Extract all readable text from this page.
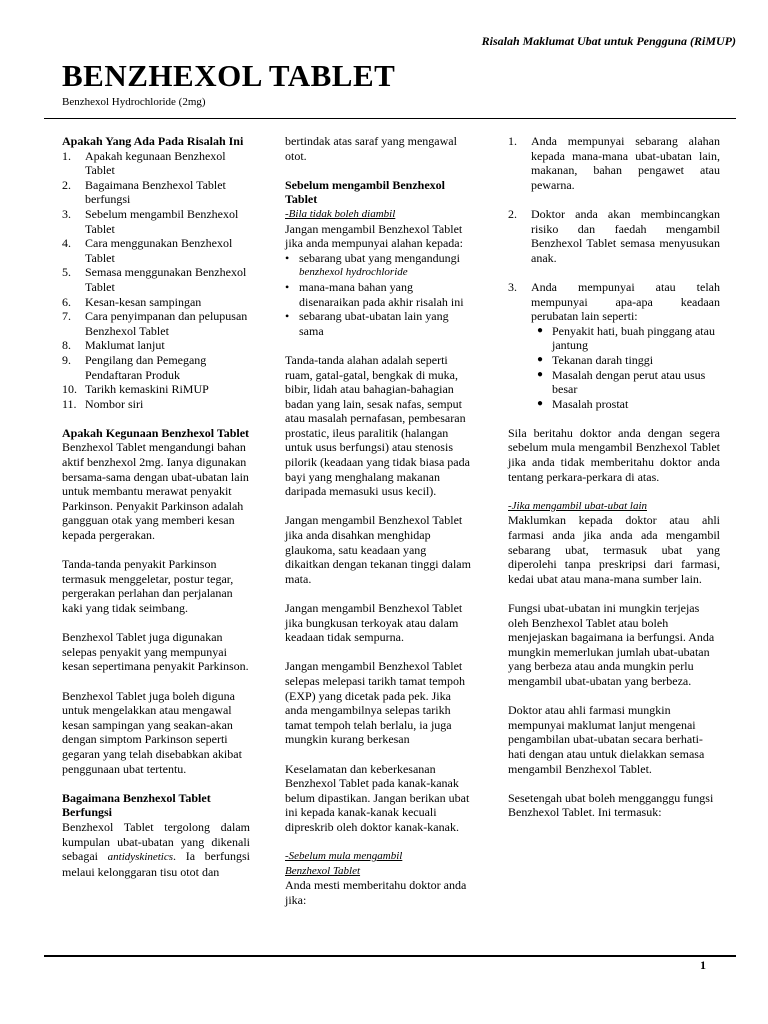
Risalah Maklumat Ubat untuk Pengguna (RiMUP)
BENZHEXOL TABLET
Benzhexol Hydrochloride (2mg)

Apakah Yang Ada Pada Risalah Ini

1.	Apakah kegunaan Benzhexol Tablet
2.	Bagaimana Benzhexol Tablet berfungsi
3.	Sebelum mengambil Benzhexol Tablet
4.	Cara menggunakan Benzhexol Tablet
5.	Semasa menggunakan Benzhexol Tablet
6.	Kesan-kesan sampingan
7.	Cara penyimpanan dan pelupusan Benzhexol Tablet
8.	Maklumat lanjut
9.	Pengilang dan Pemegang Pendaftaran Produk
10. Tarikh kemaskini RiMUP
11. Nombor siri

Apakah Kegunaan Benzhexol Tablet

Benzhexol Tablet mengandungi bahan aktif benzhexol 2mg. Ianya digunakan bersama-sama dengan ubat-ubatan lain untuk membantu merawat penyakit Parkinson. Penyakit Parkinson adalah gangguan otak yang memberi kesan kepada pergerakan.

Tanda-tanda penyakit Parkinson termasuk menggeletar, postur tegar, pergerakan perlahan dan perjalanan kaki yang tidak seimbang.

Benzhexol Tablet juga digunakan selepas penyakit yang mempunyai kesan sepertimana penyakit Parkinson.

Benzhexol Tablet juga boleh diguna untuk mengelakkan atau mengawal kesan sampingan yang seakan-akan dengan simptom Parkinson seperti gegaran yang telah disebabkan akibat penggunaan ubat tertentu.

Bagaimana Benzhexol Tablet Berfungsi

Benzhexol Tablet tergolong dalam kumpulan ubat-ubatan yang dikenali sebagai antidyskinetics. Ia berfungsi melaui kelonggaran tisu otot dan

bertindak atas saraf yang mengawal otot.

Sebelum mengambil Benzhexol Tablet

-Bila tidak boleh diambil

Jangan mengambil Benzhexol Tablet jika anda mempunyai alahan kepada:

• sebarang ubat yang mengandungi
benzhexol hydrochloride
• mana-mana bahan yang disenaraikan pada akhir risalah ini
• sebarang ubat-ubatan lain yang sama

Tanda-tanda alahan adalah seperti ruam, gatal-gatal, bengkak di muka, bibir, lidah atau bahagian-bahagian badan yang lain, sesak nafas, semput atau masalah pernafasan, pembesaran prostatic, ileus paralitik (halangan untuk usus berfungsi) atau stenosis pilorik (keadaan yang tidak biasa pada bayi yang menghalang makanan daripada memasuki usus kecil).

Jangan mengambil Benzhexol Tablet jika anda disahkan menghidap glaukoma, satu keadaan yang dikaitkan dengan tekanan tinggi dalam mata.

Jangan mengambil Benzhexol Tablet jika bungkusan terkoyak atau dalam keadaan tidak sempurna.

Jangan mengambil Benzhexol Tablet selepas melepasi tarikh tamat tempoh (EXP) yang dicetak pada pek. Jika anda mengambilnya selepas tarikh tamat tempoh telah berlalu, ia juga mungkin kurang berkesan

Keselamatan dan keberkesanan Benzhexol Tablet pada kanak-kanak belum dipastikan. Jangan berikan ubat ini kepada kanak-kanak kecuali dipreskrib oleh doktor kanak-kanak.

-Sebelum mula mengambil Benzhexol Tablet

Anda mesti memberitahu doktor anda jika:

1.	Anda mempunyai sebarang alahan kepada mana-mana ubat-ubatan lain, makanan, bahan pengawet atau pewarna.
2.	Doktor anda akan membincangkan risiko dan faedah mengambil Benzhexol Tablet semasa menyusukan anak.
3.	Anda mempunyai atau telah mempunyai apa-apa keadaan perubatan lain seperti:
● Penyakit hati, buah pinggang atau jantung
● Tekanan darah tinggi
● Masalah dengan perut atau usus besar
● Masalah prostat

Sila beritahu doktor anda dengan segera sebelum mula mengambil Benzhexol Tablet jika anda tidak memberitahu doktor anda tentang perkara-perkara di atas.

-Jika mengambil ubat-ubat lain

Maklumkan kepada doktor atau ahli farmasi anda jika anda ada mengambil sebarang ubat, termasuk ubat yang diperolehi tanpa preskripsi dari farmasi, kedai ubat atau mana-mana sumber lain.

Fungsi ubat-ubatan ini mungkin terjejas oleh Benzhexol Tablet atau boleh menjejaskan bagaimana ia berfungsi. Anda mungkin memerlukan jumlah ubat-ubatan yang berbeza atau anda mungkin perlu mengambil ubat-ubatan yang berbeza.

Doktor atau ahli farmasi mungkin mempunyai maklumat lanjut mengenai pengambilan ubat-ubatan secara berhati-hati dengan atau untuk dielakkan semasa mengambil Benzhexol Tablet.

Sesetengah ubat boleh mengganggu fungsi Benzhexol Tablet. Ini termasuk:

1
